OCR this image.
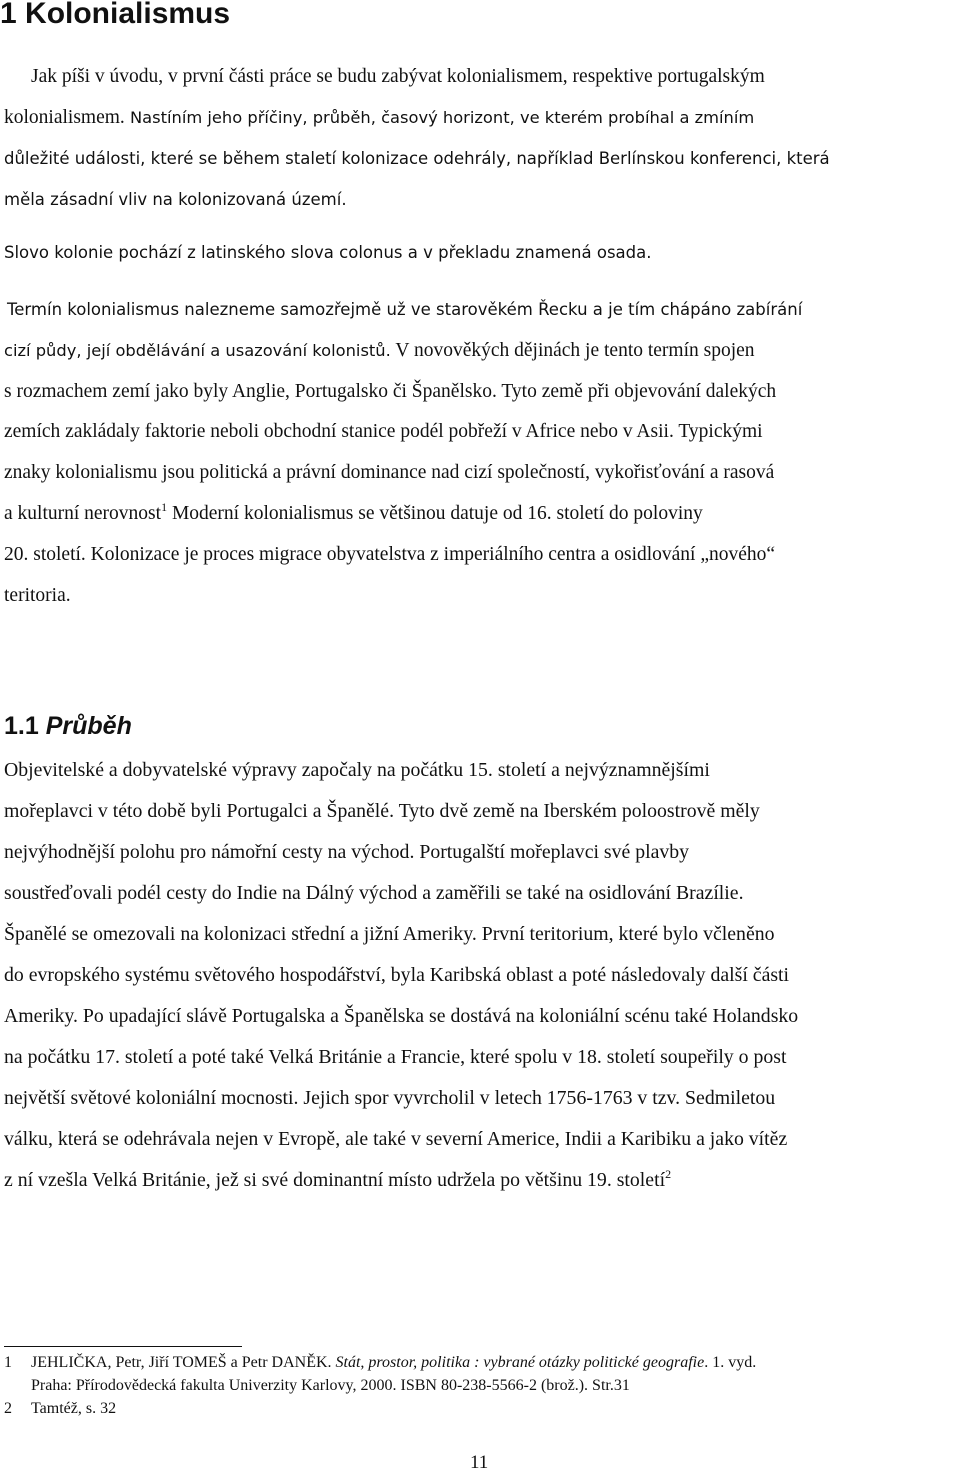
1 Kolonialismus

Jak píši v úvodu, v první části práce se budu zabývat kolonialismem, respektive portugalským
kolonialismem. Nastíním jeho příčiny, průběh, časový horizont, ve kterém probíhal a zmíním
důležité události, které se během staletí kolonizace odehrály, například Berlínskou konferenci, která
měla zásadní vliv na kolonizovaná území.

Slovo kolonie pochází z latinského slova colonus a v překladu znamená osada.

Termín kolonialismus nalezneme samozřejmě už ve starověkém Řecku a je tím chápáno zabírání
cizí půdy, její obdělávání a usazování kolonistů. V novověkých dějinách je tento termín spojen
s rozmachem zemí jako byly Anglie, Portugalsko či Španělsko. Tyto země při objevování dalekých
zemích zakládaly faktorie neboli obchodní stanice podél pobřeží v Africe nebo v Asii. Typickými
znaky kolonialismu jsou politická a právní dominance nad cizí společností, vykořisťování a rasová
a kulturní nerovnost$^1$ Moderní kolonialismus se většinou datuje od 16. století do poloviny
20. století. Kolonizace je proces migrace obyvatelstva z imperiálního centra a osidlování „nového“
teritoria.

1.1 Průběh

Objevitelské a dobyvatelské výpravy započaly na počátku 15. století a nejvýznamnějšími
mořeplavci v této době byli Portugalci a Španělé. Tyto dvě země na Iberském poloostrově měly
nejvýhodnější polohu pro námořní cesty na východ. Portugalští mořeplavci své plavby
soustřeďovali podél cesty do Indie na Dálný východ a zaměřili se také na osidlování Brazílie.
Španělé se omezovali na kolonizaci střední a jižní Ameriky. První teritorium, které bylo včleněno
do evropského systému světového hospodářství, byla Karibská oblast a poté následovaly další části
Ameriky. Po upadající slávě Portugalska a Španělska se dostává na koloniální scénu také Holandsko
na počátku 17. století a poté také Velká Británie a Francie, které spolu v 18. století soupeřily o post
největší světové koloniální mocnosti. Jejich spor vyvrcholil v letech 1756-1763 v tzv. Sedmiletou
válku, která se odehrávala nejen v Evropě, ale také v severní Americe, Indii a Karibiku a jako vítěz
z ní vzešla Velká Británie, jež si své dominantní místo udržela po většinu 19. století$^2$

1 JEHLIČKA, Petr, Jiří TOMEŠ a Petr DANĚK. Stát, prostor, politika : vybrané otázky politické geografie. 1. vyd.
Praha: Přírodovědecká fakulta Univerzity Karlovy, 2000. ISBN 80-238-5566-2 (brož.). Str.31
2 Tamtéž, s. 32
11
